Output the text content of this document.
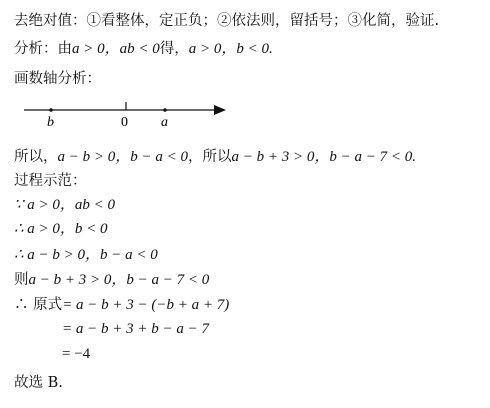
去绝对值：①看整体，定正负；②依法则，留括号；③化简，验证.
分析：由a > 0，ab < 0得，a > 0，b < 0.
画数轴分析：
b	0 a
所以，a − b > 0，b − a < 0，所以a − b + 3 > 0，b − a − 7 < 0.
过程示范：
∵ a > 0，ab < 0
∴ a > 0，b < 0
∴ a − b > 0，b − a < 0
则a − b + 3 > 0，b − a − 7 < 0
∴ 原式= a − b + 3 − (−b + a + 7)
= a − b + 3 + b − a − 7
= −4
故选 B.
